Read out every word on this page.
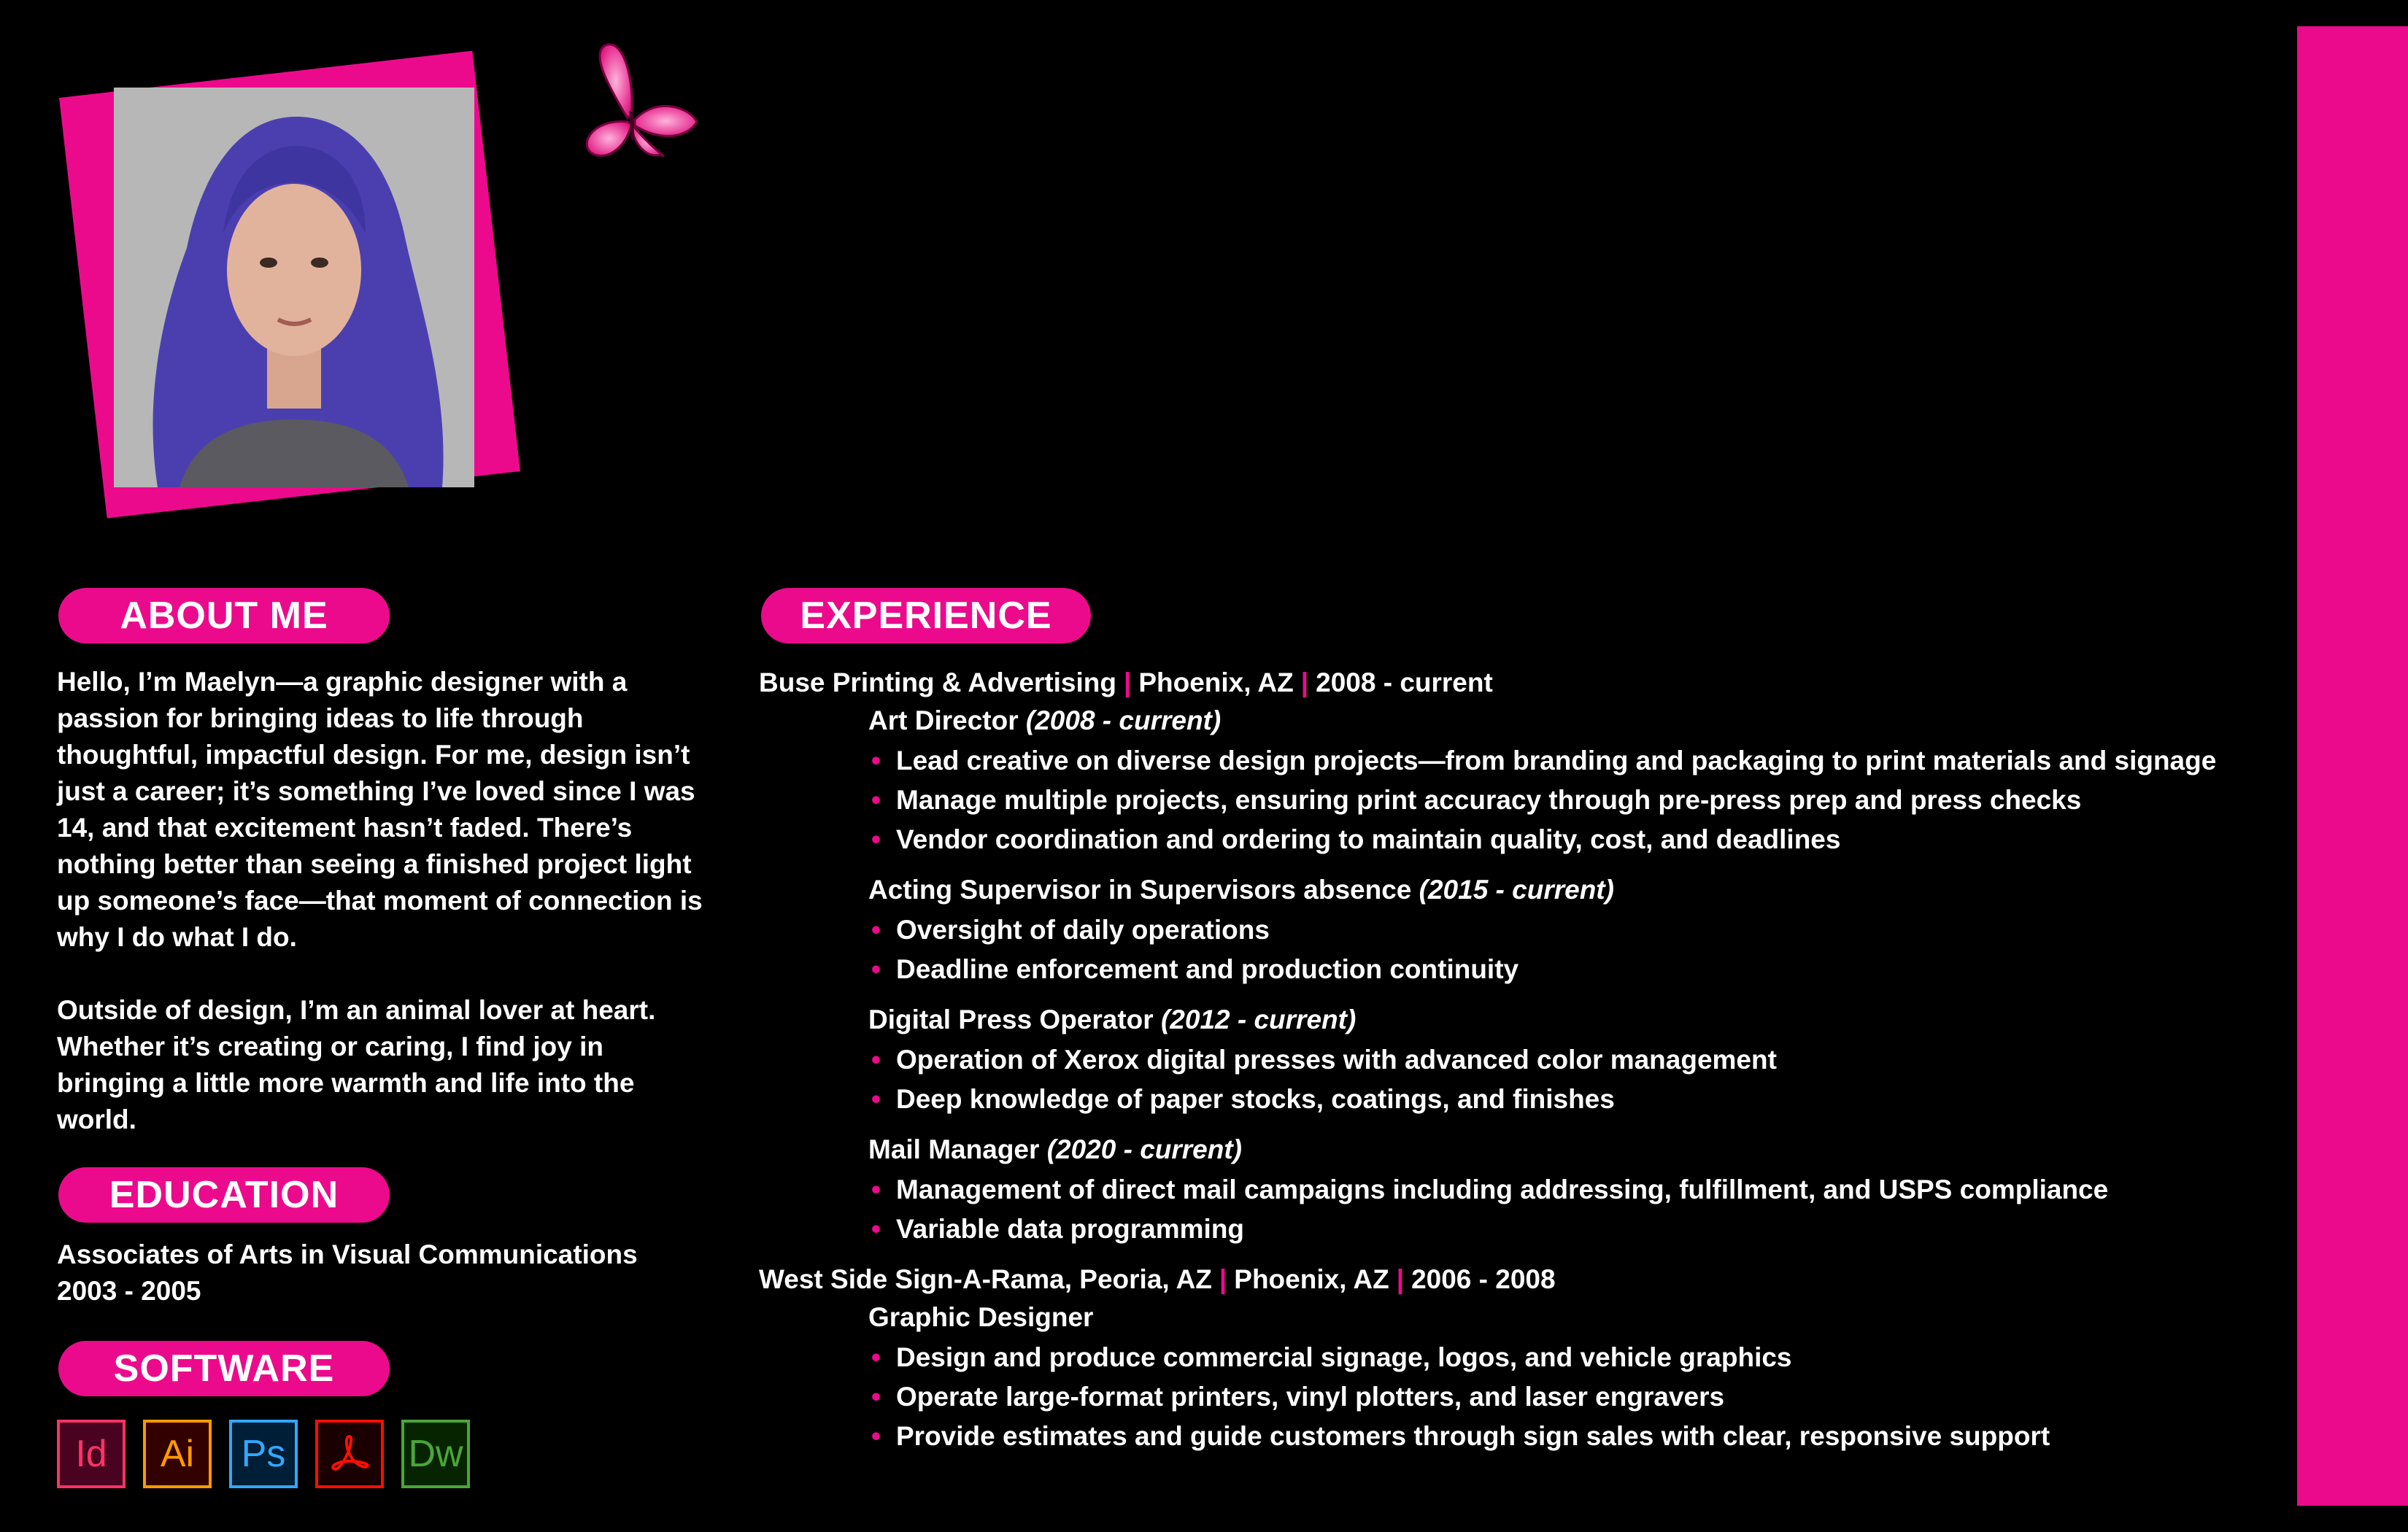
ABOUT ME

Hello, I’m Maelyn—a graphic designer with a passion for bringing ideas to life through thoughtful, impactful design. For me, design isn’t just a career; it’s something I’ve loved since I was 14, and that excitement hasn’t faded. There’s nothing better than seeing a finished project light up someone’s face—that moment of connection is why I do what I do.

Outside of design, I’m an animal lover at heart. Whether it’s creating or caring, I find joy in bringing a little more warmth and life into the world.

EDUCATION
Associates of Arts in Visual Communications
2003 - 2005
SOFTWARE
Id	Ai	Ps	Dw
EXPERIENCE
Buse Printing & Advertising | Phoenix, AZ | 2008 - current
Art Director (2008 - current)
• Lead creative on diverse design projects—from branding and packaging to print materials and signage
• Manage multiple projects, ensuring print accuracy through pre-press prep and press checks
• Vendor coordination and ordering to maintain quality, cost, and deadlines
Acting Supervisor in Supervisors absence (2015 - current)
• Oversight of daily operations
• Deadline enforcement and production continuity
Digital Press Operator (2012 - current)
• Operation of Xerox digital presses with advanced color management
• Deep knowledge of paper stocks, coatings, and finishes
Mail Manager (2020 - current)
• Management of direct mail campaigns including addressing, fulfillment, and USPS compliance
• Variable data programming
West Side Sign-A-Rama, Peoria, AZ | Phoenix, AZ | 2006 - 2008
Graphic Designer
• Design and produce commercial signage, logos, and vehicle graphics
• Operate large-format printers, vinyl plotters, and laser engravers
• Provide estimates and guide customers through sign sales with clear, responsive support
